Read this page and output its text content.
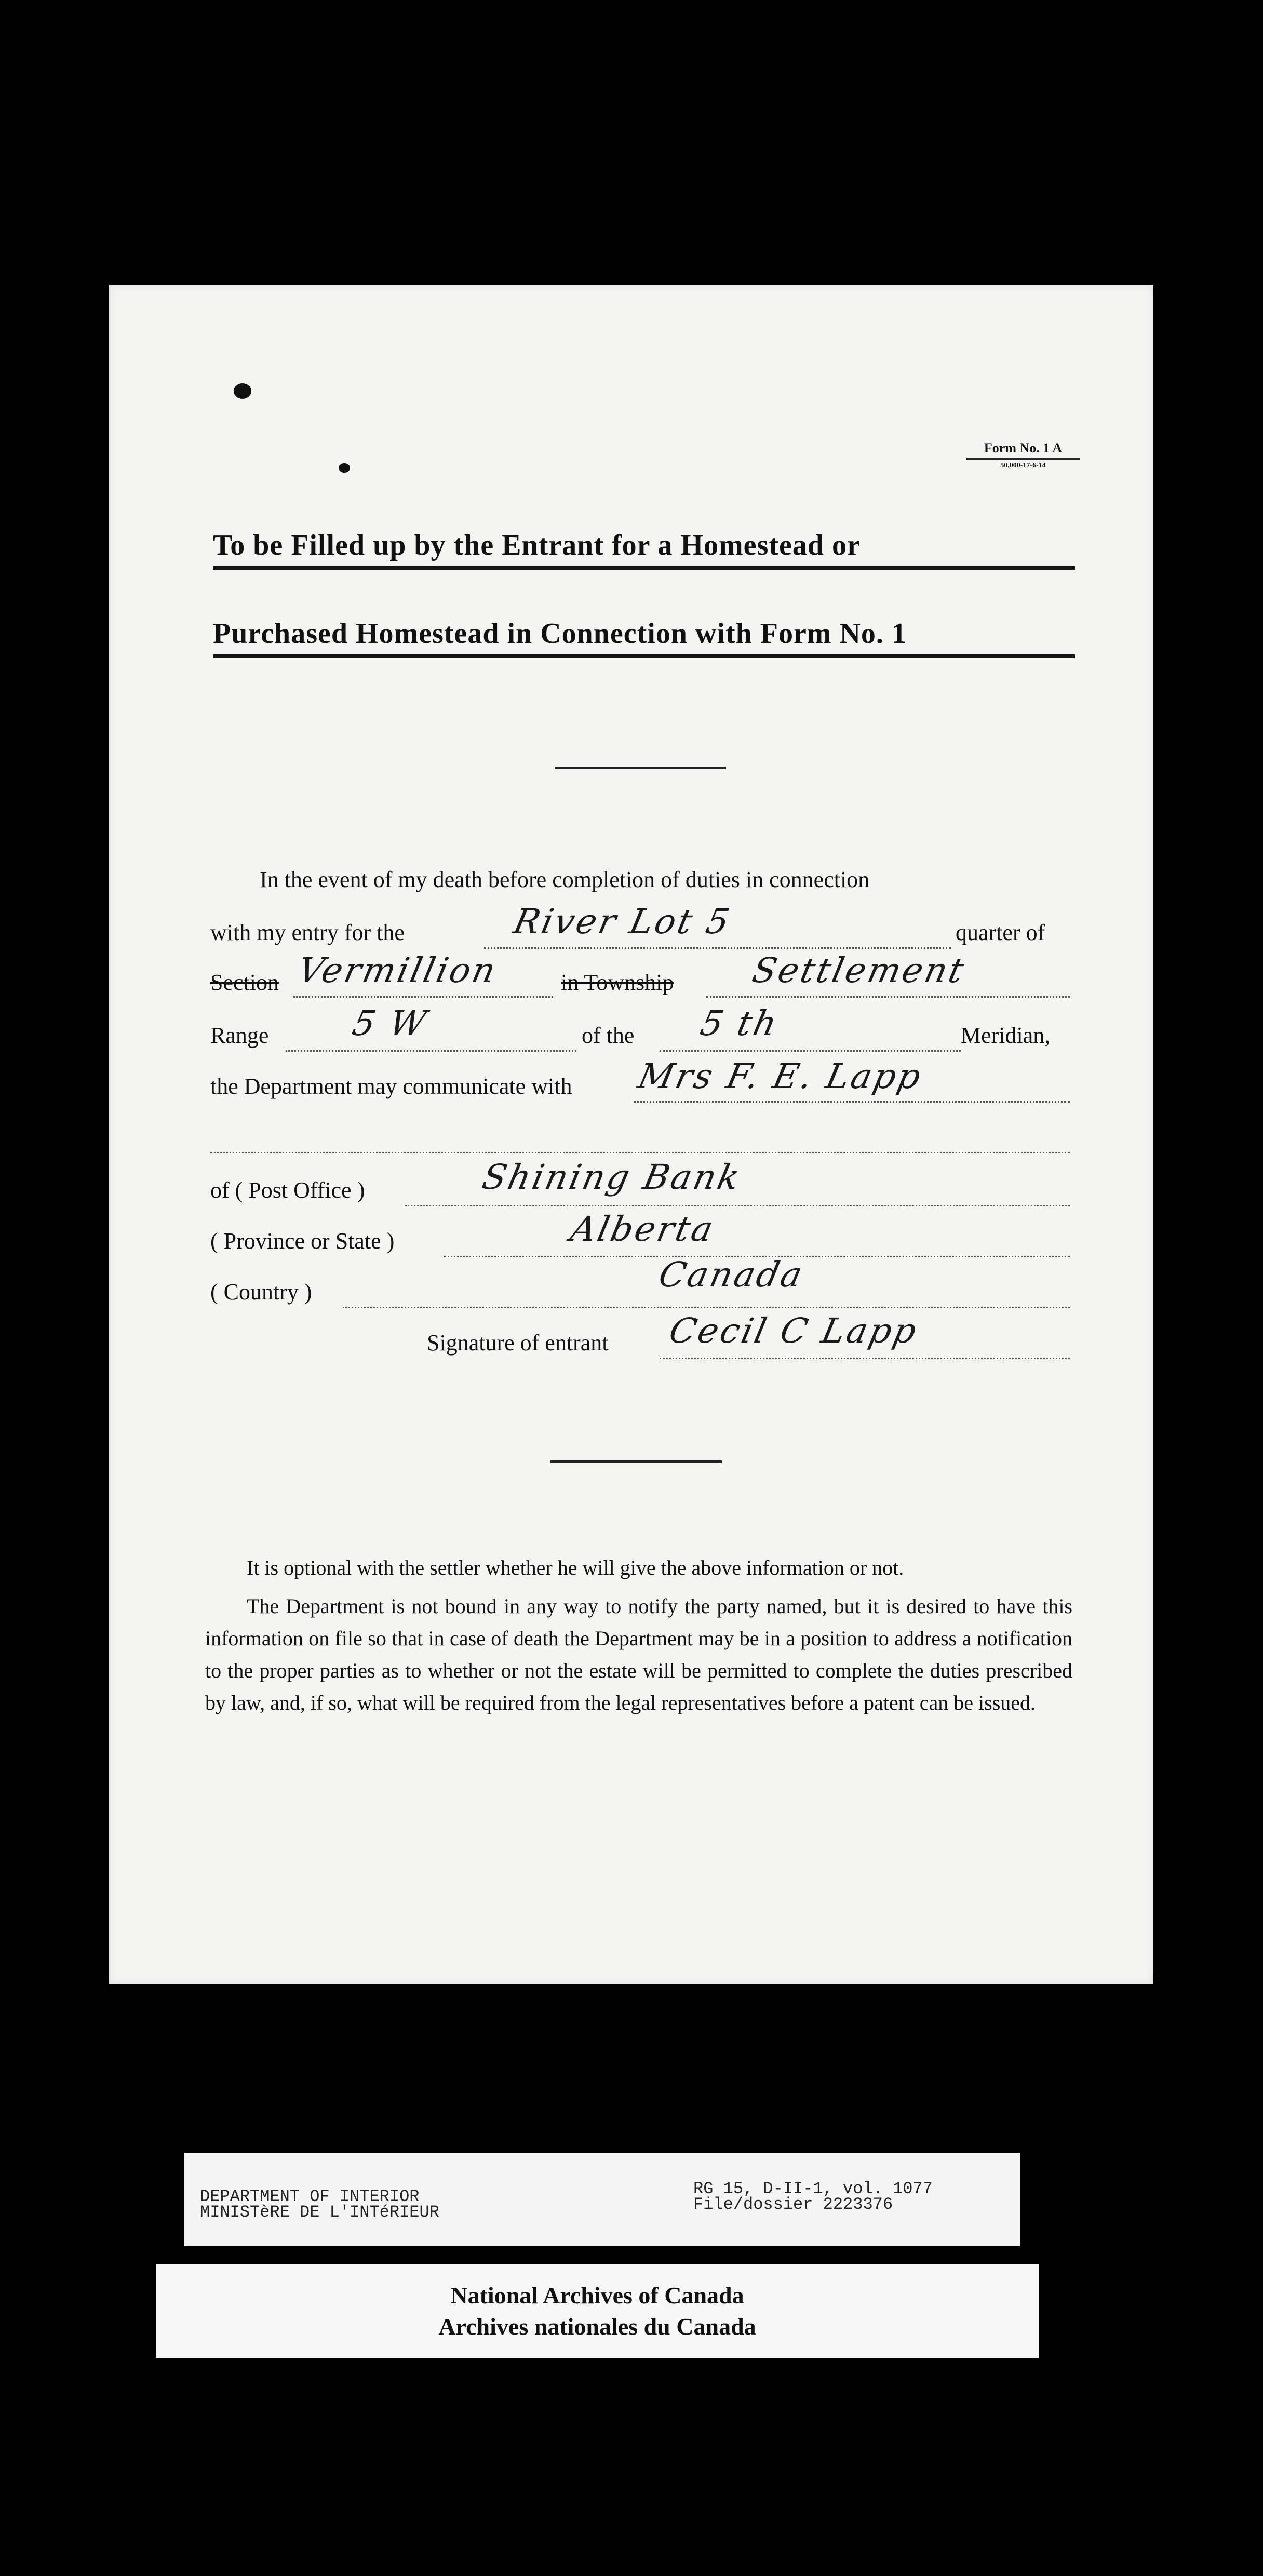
Form No. 1 A
50,000-17-6-14
To be Filled up by the Entrant for a Homestead or
Purchased Homestead in Connection with Form No. 1
In the event of my death before completion of duties in connection
with my entry for the	River Lot 5	quarter of
Section Vermillion	in Township Settlement
Range 5 W	of the 5 th	Meridian,
the Department may communicate with Mrs F. E. Lapp
of ( Post Office )	Shining Bank
( Province or State )	Alberta
( Country )	Canada
Signature of entrant Cecil C Lapp

It is optional with the settler whether he will give the above information or not.

The Department is not bound in any way to notify the party named, but it is desired to have this information on file so that in case of death the Department may be in a position to address a notification to the proper parties as to whether or not the estate will be permitted to complete the duties prescribed by law, and, if so, what will be required from the legal representatives before a patent can be issued.

DEPARTMENT OF INTERIOR
MINISTèRE DE L'INTéRIEUR
RG 15, D-II-1, vol. 1077
File/dossier 2223376
National Archives of Canada
Archives nationales du Canada
